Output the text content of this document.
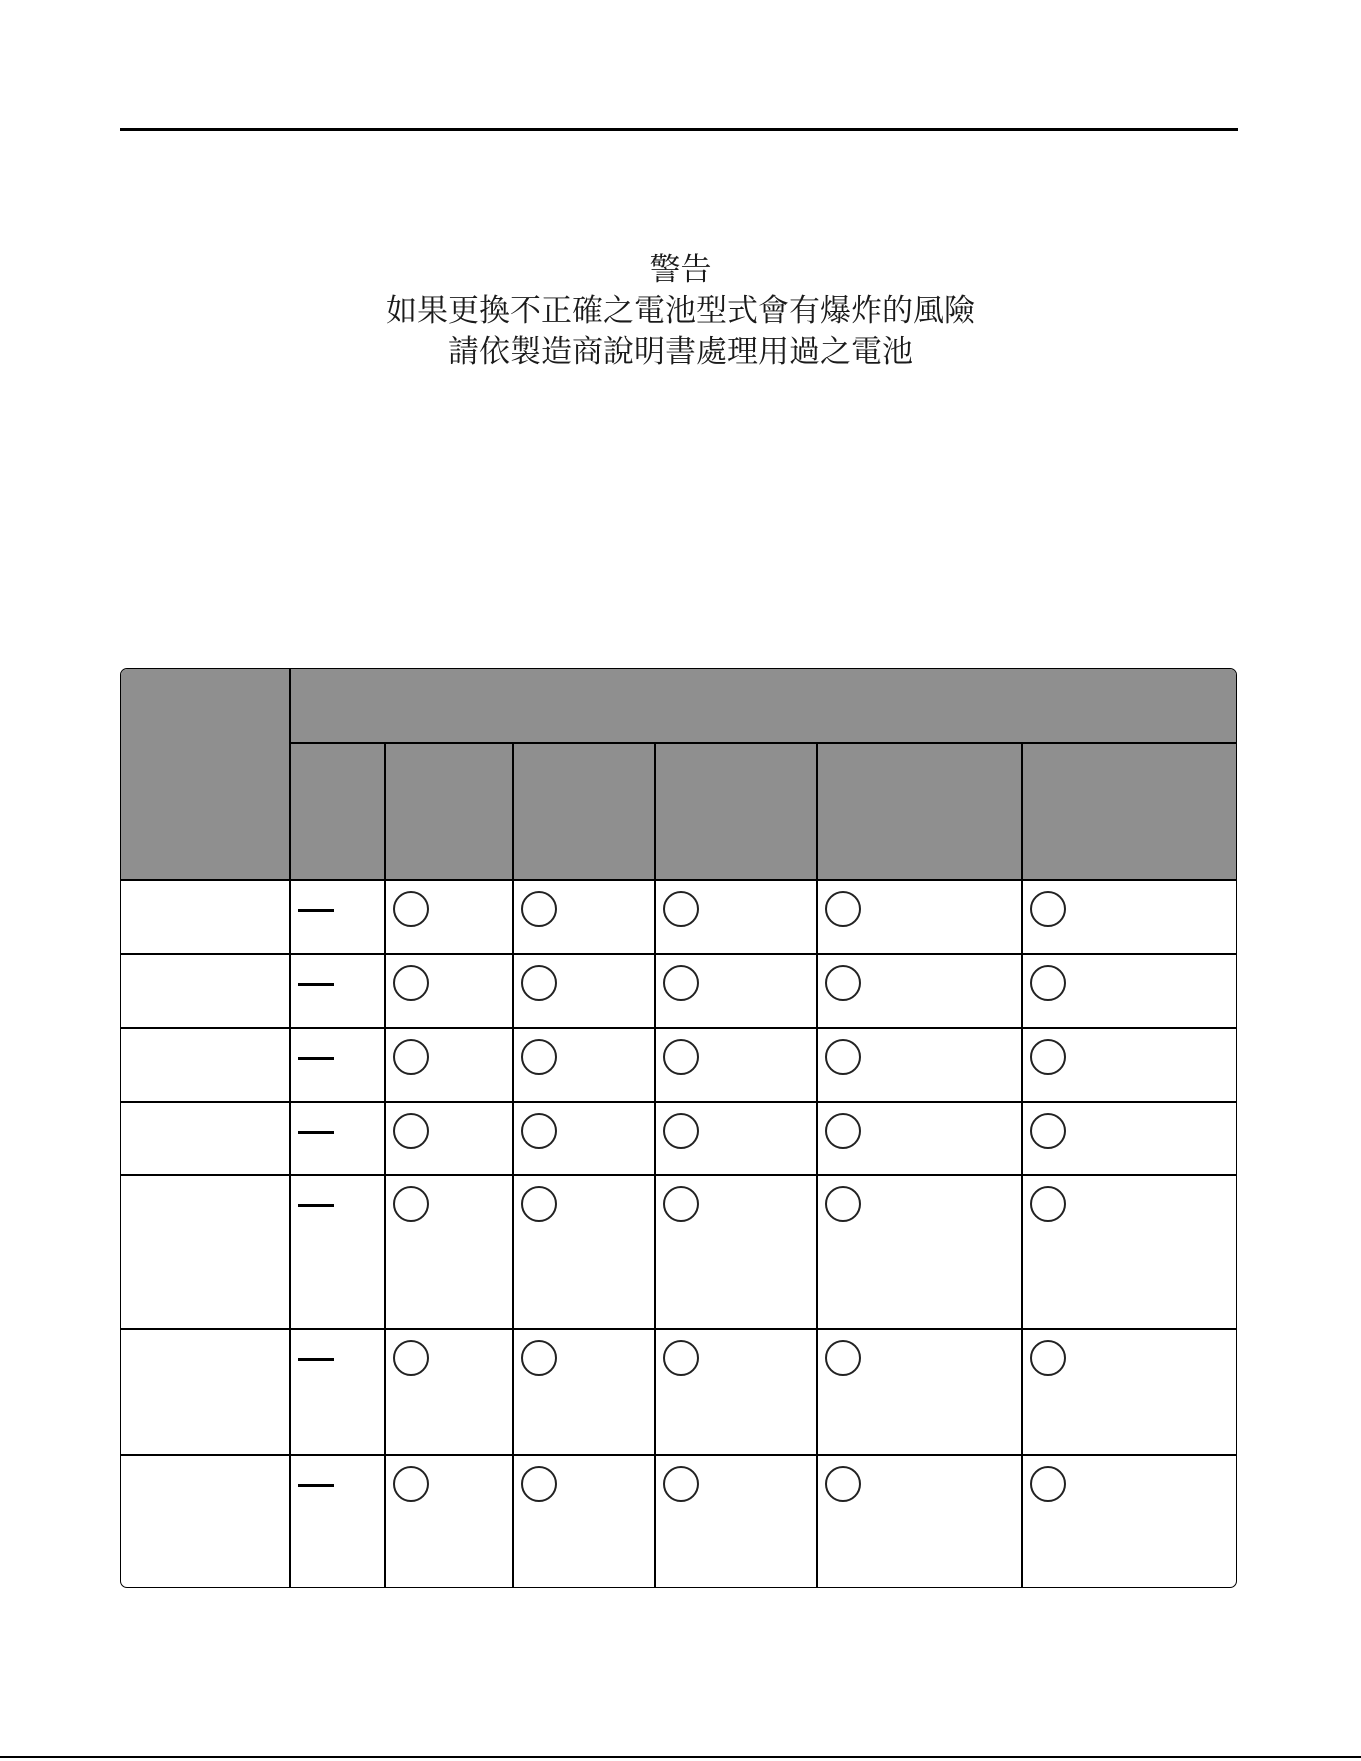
警告
如果更換不正確之電池型式會有爆炸的風險
請依製造商說明書處理用過之電池
